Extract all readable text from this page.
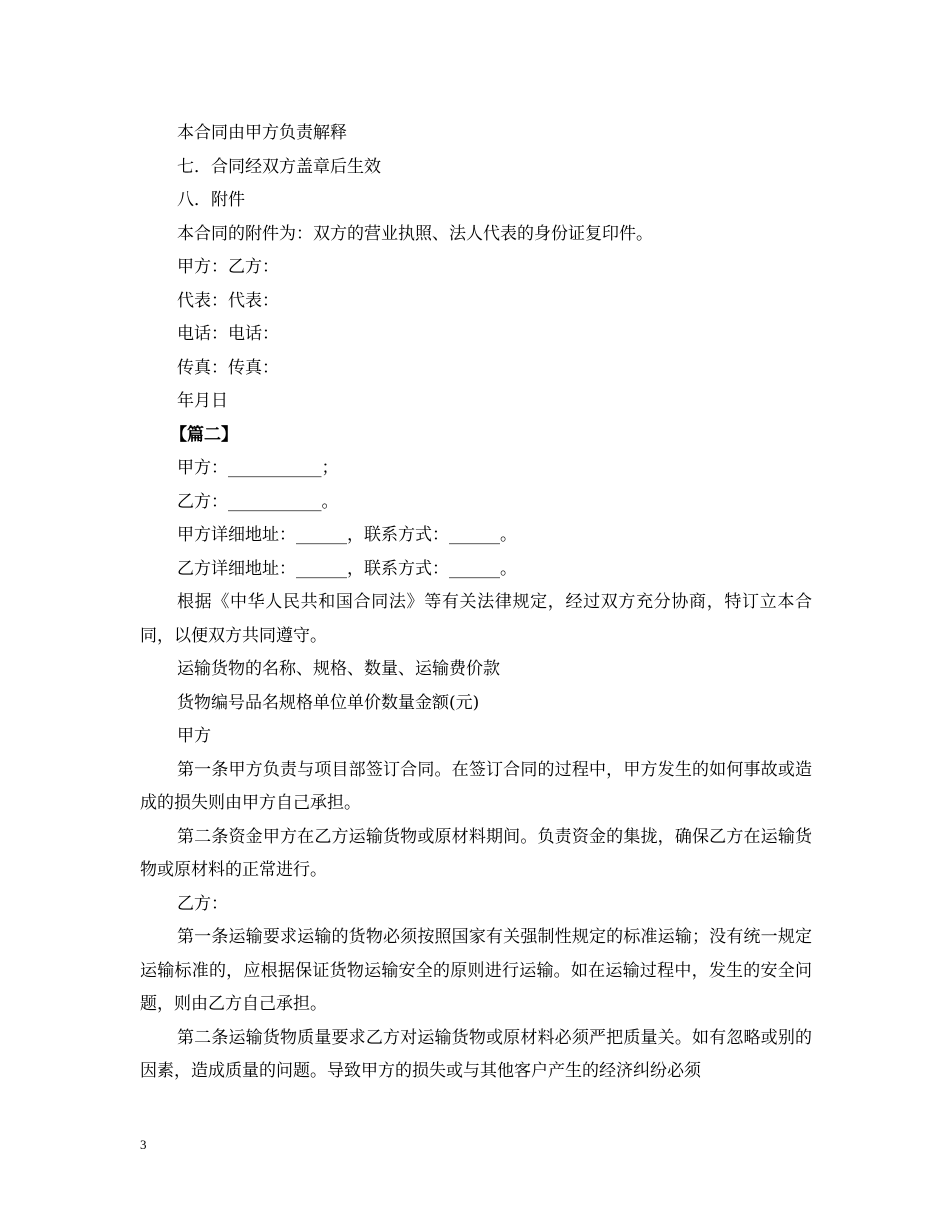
本合同由甲方负责解释
七．合同经双方盖章后生效
八．附件
本合同的附件为：双方的营业执照、法人代表的身份证复印件。
甲方：乙方：
代表：代表：
电话：电话：
传真：传真：
年月日
【篇二】
甲方：___________；
乙方：___________。
甲方详细地址：______，联系方式：______。
乙方详细地址：______，联系方式：______。
根据《中华人民共和国合同法》等有关法律规定，经过双方充分协商，特订立本合同，以便双方共同遵守。
运输货物的名称、规格、数量、运输费价款
货物编号品名规格单位单价数量金额(元)
甲方
第一条甲方负责与项目部签订合同。在签订合同的过程中，甲方发生的如何事故或造成的损失则由甲方自己承担。
第二条资金甲方在乙方运输货物或原材料期间。负责资金的集拢，确保乙方在运输货物或原材料的正常进行。
乙方：
第一条运输要求运输的货物必须按照国家有关强制性规定的标准运输；没有统一规定运输标准的，应根据保证货物运输安全的原则进行运输。如在运输过程中，发生的安全问题，则由乙方自己承担。
第二条运输货物质量要求乙方对运输货物或原材料必须严把质量关。如有忽略或别的因素，造成质量的问题。导致甲方的损失或与其他客户产生的经济纠纷必须
3
